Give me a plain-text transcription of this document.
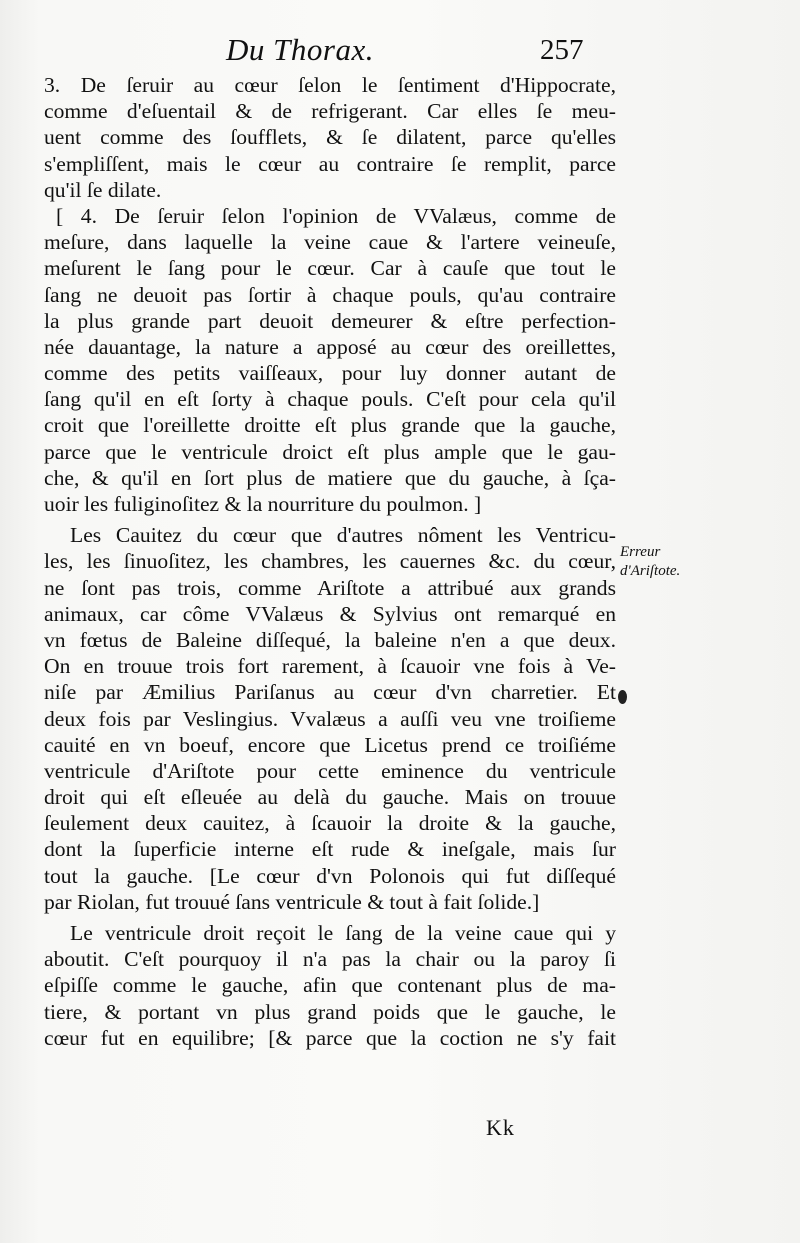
Du Thorax.	257
3. De ſeruir au cœur ſelon le ſentiment d'Hippocrate,
comme d'eſuentail & de refrigerant. Car elles ſe meu-
uent comme des ſoufflets, & ſe dilatent, parce qu'elles
s'empliſſent, mais le cœur au contraire ſe remplit, parce
qu'il ſe dilate.
[ 4. De ſeruir ſelon l'opinion de VValæus, comme de
meſure, dans laquelle la veine caue & l'artere veineuſe,
meſurent le ſang pour le cœur. Car à cauſe que tout le
ſang ne deuoit pas ſortir à chaque pouls, qu'au contraire
la plus grande part deuoit demeurer & eſtre perfection-
née dauantage, la nature a apposé au cœur des oreillettes,
comme des petits vaiſſeaux, pour luy donner autant de
ſang qu'il en eſt ſorty à chaque pouls. C'eſt pour cela qu'il
croit que l'oreillette droitte eſt plus grande que la gauche,
parce que le ventricule droict eſt plus ample que le gau-
che, & qu'il en ſort plus de matiere que du gauche, à ſça-
uoir les fuliginoſitez & la nourriture du poulmon. ]
Les Cauitez du cœur que d'autres nôment les Ventricu-
les, les ſinuoſitez, les chambres, les cauernes &c. du cœur,
ne ſont pas trois, comme Ariſtote a attribué aux grands
animaux, car côme VValæus & Sylvius ont remarqué en
vn fœtus de Baleine diſſequé, la baleine n'en a que deux.
On en trouue trois fort rarement, à ſcauoir vne fois à Ve-
niſe par Æmilius Pariſanus au cœur d'vn charretier. Et
deux fois par Veslingius. Vvalæus a auſſi veu vne troiſieme
cauité en vn boeuf, encore que Licetus prend ce troiſiéme
ventricule d'Ariſtote pour cette eminence du ventricule
droit qui eſt eſleuée au delà du gauche. Mais on trouue
ſeulement deux cauitez, à ſcauoir la droite & la gauche,
dont la ſuperficie interne eſt rude & ineſgale, mais ſur
tout la gauche. [Le cœur d'vn Polonois qui fut diſſequé
par Riolan, fut trouué ſans ventricule & tout à fait ſolide.]
Le ventricule droit reçoit le ſang de la veine caue qui y
aboutit. C'eſt pourquoy il n'a pas la chair ou la paroy ſi
eſpiſſe comme le gauche, afin que contenant plus de ma-
tiere, & portant vn plus grand poids que le gauche, le
cœur fut en equilibre; [& parce que la coction ne s'y fait
Erreur
d'Ariſtote.
Kk
